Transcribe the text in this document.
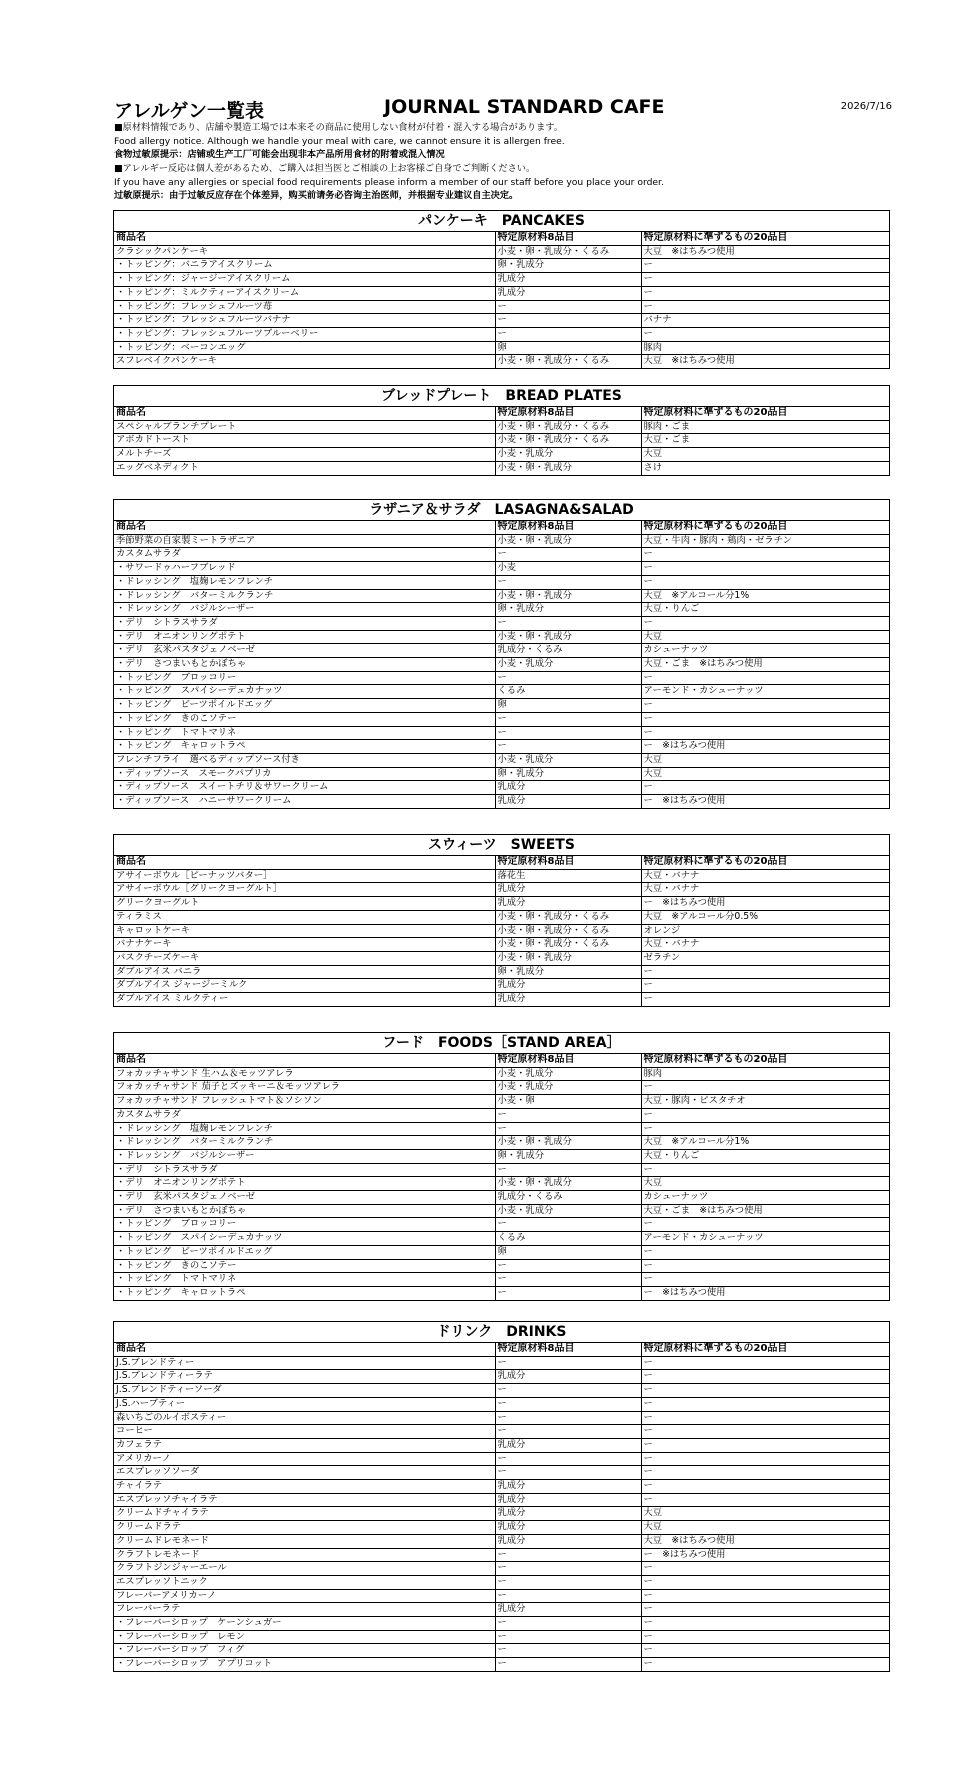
アレルゲン一覧表	JOURNAL STANDARD CAFE	2026/7/16
■原材料情報であり、店舗や製造工場では本来その商品に使用しない食材が付着・混入する場合があります。
Food allergy notice. Although we handle your meal with care, we cannot ensure it is allergen free.
食物过敏原提示：店铺或生产工厂可能会出现非本产品所用食材的附着或混入情况
■アレルギー反応は個人差があるため、ご購入は担当医とご相談の上お客様ご自身でご判断ください。
If you have any allergies or special food requirements please inform a member of our staff before you place your order.
过敏原提示：由于过敏反应存在个体差异，购买前请务必咨询主治医师，并根据专业建议自主决定。
パンケーキ　PANCAKES
商品名	特定原材料8品目	特定原材料に準ずるもの20品目
クラシックパンケーキ	小麦・卵・乳成分・くるみ	大豆　※はちみつ使用
・トッピング：バニラアイスクリーム	卵・乳成分	ー
・トッピング：ジャージーアイスクリーム	乳成分	ー
・トッピング：ミルクティーアイスクリーム	乳成分	ー
・トッピング：フレッシュフルーツ苺	ー	ー
・トッピング：フレッシュフルーツバナナ	ー	バナナ
・トッピング：フレッシュフルーツブルーベリー	ー	ー
・トッピング：ベーコンエッグ	卵	豚肉
スフレベイクパンケーキ	小麦・卵・乳成分・くるみ	大豆　※はちみつ使用
ブレッドプレート　BREAD PLATES
商品名	特定原材料8品目	特定原材料に準ずるもの20品目
スペシャルブランチプレート	小麦・卵・乳成分・くるみ	豚肉・ごま
アボカドトースト	小麦・卵・乳成分・くるみ	大豆・ごま
メルトチーズ	小麦・乳成分	大豆
エッグベネディクト	小麦・卵・乳成分	さけ
ラザニア＆サラダ　LASAGNA&SALAD
商品名	特定原材料8品目	特定原材料に準ずるもの20品目
季節野菜の自家製ミートラザニア	小麦・卵・乳成分	大豆・牛肉・豚肉・鶏肉・ゼラチン
カスタムサラダ	ー	ー
・サワードゥハーフブレッド	小麦	ー
・ドレッシング　塩麹レモンフレンチ	ー	ー
・ドレッシング　バターミルクランチ	小麦・卵・乳成分	大豆　※アルコール分1%
・ドレッシング　バジルシーザー	卵・乳成分	大豆・りんご
・デリ　シトラスサラダ	ー	ー
・デリ　オニオンリングポテト	小麦・卵・乳成分	大豆
・デリ　玄米パスタジェノベーゼ	乳成分・くるみ	カシューナッツ
・デリ　さつまいもとかぼちゃ	小麦・乳成分	大豆・ごま　※はちみつ使用
・トッピング　ブロッコリー	ー	ー
・トッピング　スパイシーデュカナッツ	くるみ	アーモンド・カシューナッツ
・トッピング　ビーツポイルドエッグ	卵	ー
・トッピング　きのこソテー	ー	ー
・トッピング　トマトマリネ	ー	ー
・トッピング　キャロットラペ	ー	ー　※はちみつ使用
フレンチフライ　選べるディップソース付き	小麦・乳成分	大豆
・ディップソース　スモークパプリカ	卵・乳成分	大豆
・ディップソース　スイートチリ＆サワークリーム	乳成分	ー
・ディップソース　ハニーサワークリーム	乳成分	ー　※はちみつ使用
スウィーツ　SWEETS
商品名	特定原材料8品目	特定原材料に準ずるもの20品目
アサイーボウル［ピーナッツバター］	落花生	大豆・バナナ
アサイーボウル［グリークヨーグルト］	乳成分	大豆・バナナ
グリークヨーグルト	乳成分	ー　※はちみつ使用
ティラミス	小麦・卵・乳成分・くるみ	大豆　※アルコール分0.5%
キャロットケーキ	小麦・卵・乳成分・くるみ	オレンジ
バナナケーキ	小麦・卵・乳成分・くるみ	大豆・バナナ
バスクチーズケーキ	小麦・卵・乳成分	ゼラチン
ダブルアイス バニラ	卵・乳成分	ー
ダブルアイス ジャージーミルク	乳成分	ー
ダブルアイス ミルクティー	乳成分	ー
フード　FOODS［STAND AREA］
商品名	特定原材料8品目	特定原材料に準ずるもの20品目
フォカッチャサンド 生ハム＆モッツアレラ	小麦・乳成分	豚肉
フォカッチャサンド 茄子とズッキーニ＆モッツアレラ	小麦・乳成分	ー
フォカッチャサンド フレッシュトマト＆ソシソン	小麦・卵	大豆・豚肉・ピスタチオ
カスタムサラダ	ー	ー
・ドレッシング　塩麹レモンフレンチ	ー	ー
・ドレッシング　バターミルクランチ	小麦・卵・乳成分	大豆　※アルコール分1%
・ドレッシング　バジルシーザー	卵・乳成分	大豆・りんご
・デリ　シトラスサラダ	ー	ー
・デリ　オニオンリングポテト	小麦・卵・乳成分	大豆
・デリ　玄米パスタジェノベーゼ	乳成分・くるみ	カシューナッツ
・デリ　さつまいもとかぼちゃ	小麦・乳成分	大豆・ごま　※はちみつ使用
・トッピング　ブロッコリー	ー	ー
・トッピング　スパイシーデュカナッツ	くるみ	アーモンド・カシューナッツ
・トッピング　ビーツポイルドエッグ	卵	ー
・トッピング　きのこソテー	ー	ー
・トッピング　トマトマリネ	ー	ー
・トッピング　キャロットラペ	ー	ー　※はちみつ使用
ドリンク　DRINKS
商品名	特定原材料8品目	特定原材料に準ずるもの20品目
J.S.ブレンドティー	ー	ー
J.S.ブレンドティーラテ	乳成分	ー
J.S.ブレンドティーソーダ	ー	ー
J.S.ハーブティー	ー	ー
森いちごのルイボスティー	ー	ー
コーヒー	ー	ー
カフェラテ	乳成分	ー
アメリカーノ	ー	ー
エスプレッソソーダ	ー	ー
チャイラテ	乳成分	ー
エスプレッソチャイラテ	乳成分	ー
クリームドチャイラテ	乳成分	大豆
クリームドラテ	乳成分	大豆
クリームドレモネード	乳成分	大豆　※はちみつ使用
クラフトレモネード	ー	ー　※はちみつ使用
クラフトジンジャーエール	ー	ー
エスプレッソトニック	ー	ー
フレーバーアメリカーノ	ー	ー
フレーバーラテ	乳成分	ー
・フレーバーシロップ　ケーンシュガー	ー	ー
・フレーバーシロップ　レモン	ー	ー
・フレーバーシロップ　フィグ	ー	ー
・フレーバーシロップ　アプリコット	ー	ー
